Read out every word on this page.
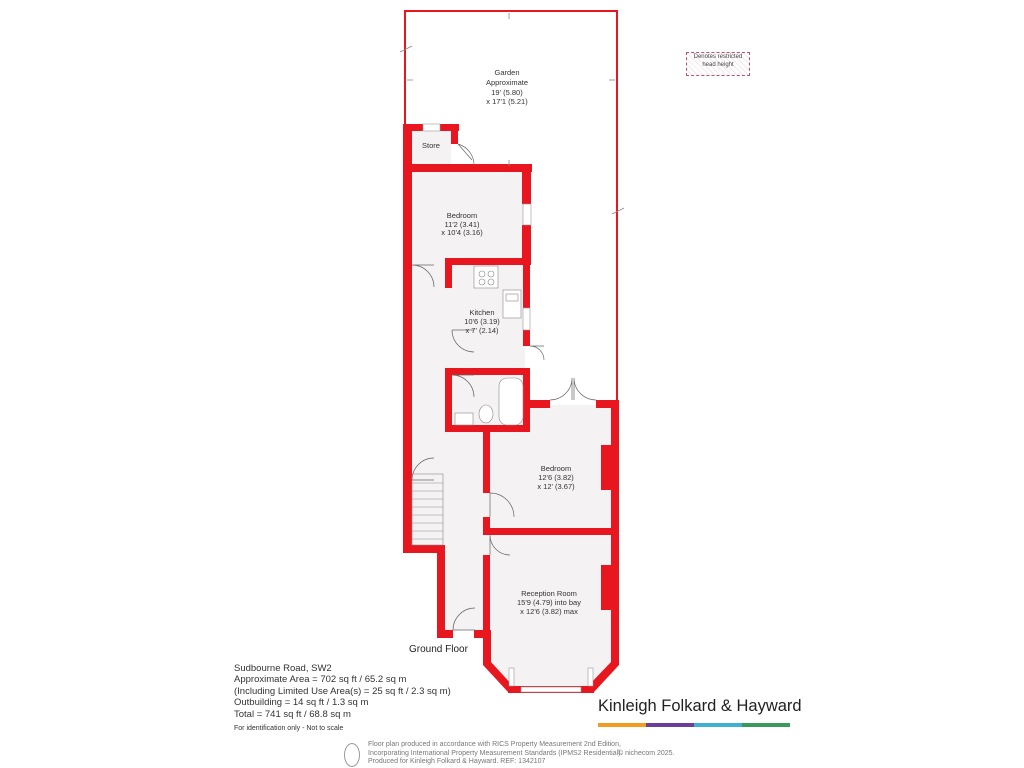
Garden
Approximate
19' (5.80)
x 17'1 (5.21)
Store
Bedroom
11'2 (3.41)
x 10'4 (3.16)
Kitchen
10'6 (3.19)
x 7' (2.14)
Bedroom
12'6 (3.82)
x 12' (3.67)
Reception Room
15'9 (4.79) into bay
x 12'6 (3.82) max
Denotes restricted head height
Ground Floor
Sudbourne Road, SW2
Approximate Area = 702 sq ft / 65.2 sq m
(Including Limited Use Area(s) = 25 sq ft / 2.3 sq m)
Outbuilding = 14 sq ft / 1.3 sq m
Total = 741 sq ft / 68.8 sq m
For identification only - Not to scale
Kinleigh Folkard & Hayward
Floor plan produced in accordance with RICS Property Measurement 2nd Edition,
Incorporating International Property Measurement Standards (IPMS2 Residential).
Produced for Kinleigh Folkard & Hayward. REF: 1342107
© nichecom 2025.
